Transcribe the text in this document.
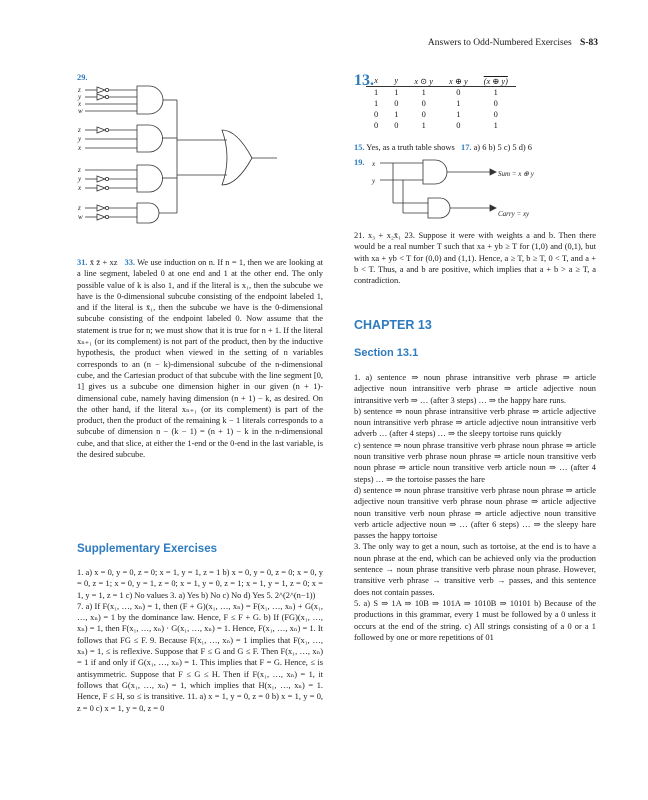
Answers to Odd-Numbered Exercises S-83
29.
z
y
x
w
z
y
x
z
y
x
z
w
13. x	y	x ⊙ y	x ⊕ y	(x ⊕ y)
1	1	1	0	1
1	0	0	1	0
0	1	0	1	0
0	0	1	0	1
15. Yes, as a truth table shows 17. a) 6 b) 5 c) 5 d) 6
19. x
y
Sum = x ⊕ y
Carry = xy

31. x̄ z̄ + xz 33. We use induction on n. If n = 1, then we are looking at a line segment, labeled 0 at one end and 1 at the other end. The only possible value of k is also 1, and if the literal is x₁, then the subcube we have is the 0-dimensional subcube consisting of the endpoint labeled 1, and if the literal is x̄₁, then the subcube we have is the 0-dimensional subcube consisting of the endpoint labeled 0. Now assume that the statement is true for n; we must show that it is true for n + 1. If the literal xₙ₊₁ (or its complement) is not part of the product, then by the inductive hypothesis, the product when viewed in the setting of n variables corresponds to an (n − k)-dimensional subcube of the n-dimensional cube, and the Cartesian product of that subcube with the line segment [0, 1] gives us a subcube one dimension higher in our given (n + 1)-dimensional cube, namely having dimension (n + 1) − k, as desired. On the other hand, if the literal xₙ₊₁ (or its complement) is part of the product, then the product of the remaining k − 1 literals corresponds to a subcube of dimension n − (k − 1) = (n + 1) − k in the n-dimensional cube, and that slice, at either the 1-end or the 0-end in the last variable, is the desired subcube.

Supplementary Exercises

1. a) x = 0, y = 0, z = 0; x = 1, y = 1, z = 1 b) x = 0, y = 0, z = 0; x = 0, y = 0, z = 1; x = 0, y = 1, z = 0; x = 1, y = 0, z = 1; x = 1, y = 1, z = 0; x = 1, y = 1, z = 1 c) No values 3. a) Yes b) No c) No d) Yes 5. 2^(2^(n−1))

7. a) If F(x₁, …, xₙ) = 1, then (F + G)(x₁, …, xₙ) = F(x₁, …, xₙ) + G(x₁, …, xₙ) = 1 by the dominance law. Hence, F ≤ F + G. b) If (FG)(x₁, …, xₙ) = 1, then F(x₁, …, xₙ) · G(x₁, …, xₙ) = 1. Hence, F(x₁, …, xₙ) = 1. It follows that FG ≤ F. 9. Because F(x₁, …, xₙ) = 1 implies that F(x₁, …, xₙ) = 1, ≤ is reflexive. Suppose that F ≤ G and G ≤ F. Then F(x₁, …, xₙ) = 1 if and only if G(x₁, …, xₙ) = 1. This implies that F = G. Hence, ≤ is antisymmetric. Suppose that F ≤ G ≤ H. Then if F(x₁, …, xₙ) = 1, it follows that G(x₁, …, xₙ) = 1, which implies that H(x₁, …, xₙ) = 1. Hence, F ≤ H, so ≤ is transitive. 11. a) x = 1, y = 0, z = 0 b) x = 1, y = 0, z = 0 c) x = 1, y = 0, z = 0

21. x₃ + x₂x̄₁ 23. Suppose it were with weights a and b. Then there would be a real number T such that xa + yb ≥ T for (1,0) and (0,1), but with xa + yb < T for (0,0) and (1,1). Hence, a ≥ T, b ≥ T, 0 < T, and a + b < T. Thus, a and b are positive, which implies that a + b > a ≥ T, a contradiction.

CHAPTER 13
Section 13.1

1. a) sentence ⇒ noun phrase intransitive verb phrase ⇒ article adjective noun intransitive verb phrase ⇒ article adjective noun intransitive verb ⇒ … (after 3 steps) … ⇒ the happy hare runs.

b) sentence ⇒ noun phrase intransitive verb phrase ⇒ article adjective noun intransitive verb phrase ⇒ article adjective noun intransitive verb adverb … (after 4 steps) … ⇒ the sleepy tortoise runs quickly

c) sentence ⇒ noun phrase transitive verb phrase noun phrase ⇒ article noun transitive verb phrase noun phrase ⇒ article noun transitive verb noun phrase ⇒ article noun transitive verb article noun ⇒ … (after 4 steps) … ⇒ the tortoise passes the hare

d) sentence ⇒ noun phrase transitive verb phrase noun phrase ⇒ article adjective noun transitive verb phrase noun phrase ⇒ article adjective noun transitive verb noun phrase ⇒ article adjective noun transitive verb article adjective noun ⇒ … (after 6 steps) … ⇒ the sleepy hare passes the happy tortoise

3. The only way to get a noun, such as tortoise, at the end is to have a noun phrase at the end, which can be achieved only via the production sentence → noun phrase transitive verb phrase noun phrase. However, transitive verb phrase → transitive verb → passes, and this sentence does not contain passes.

5. a) S ⇒ 1A ⇒ 10B ⇒ 101A ⇒ 1010B ⇒ 10101 b) Because of the productions in this grammar, every 1 must be followed by a 0 unless it occurs at the end of the string. c) All strings consisting of a 0 or a 1 followed by one or more repetitions of 01
